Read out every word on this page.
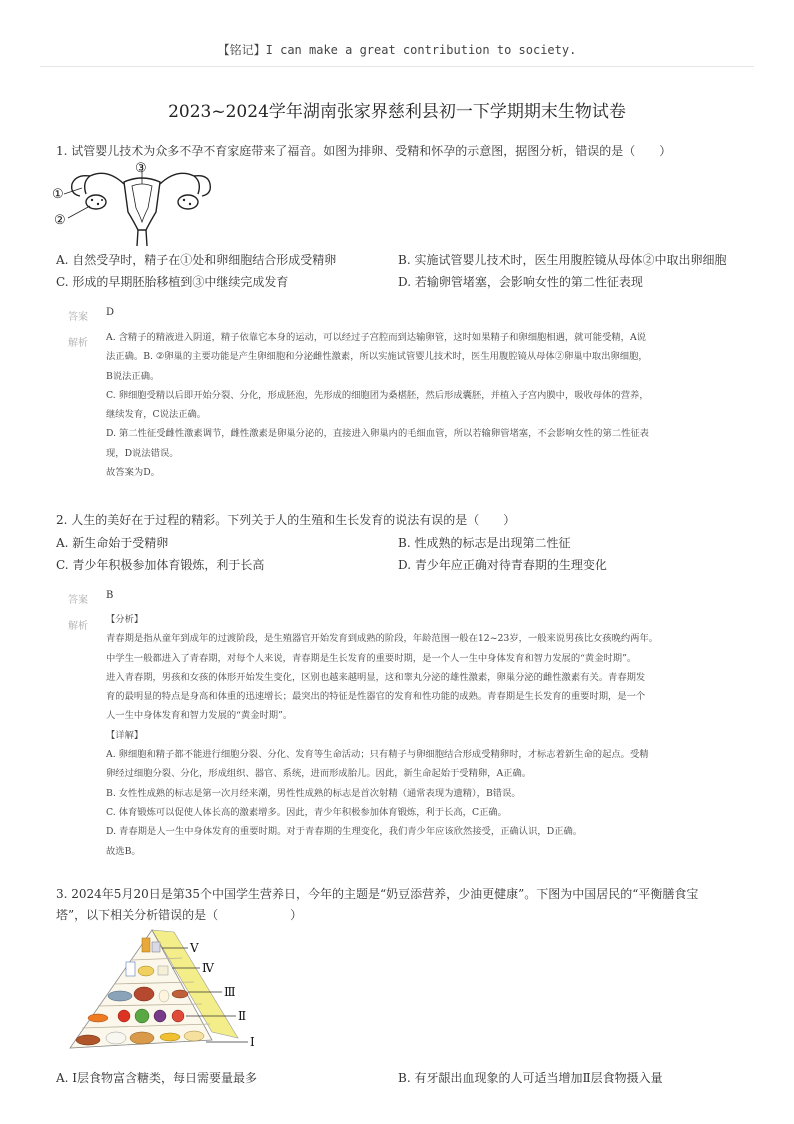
【铭记】I can make a great contribution to society.
2023~2024学年湖南张家界慈利县初一下学期期末生物试卷
1. 试管婴儿技术为众多不孕不育家庭带来了福音。如图为排卵、受精和怀孕的示意图，据图分析，错误的是（　　）
①
②
③
A. 自然受孕时，精子在①处和卵细胞结合形成受精卵	B. 实施试管婴儿技术时，医生用腹腔镜从母体②中取出卵细胞
C. 形成的早期胚胎移植到③中继续完成发育	D. 若输卵管堵塞，会影响女性的第二性征表现
答案 D
解析
A. 含精子的精液进入阴道，精子依靠它本身的运动，可以经过子宫腔而到达输卵管，这时如果精子和卵细胞相遇，就可能受精，A说
法正确。B. ②卵巢的主要功能是产生卵细胞和分泌雌性激素，所以实施试管婴儿技术时，医生用腹腔镜从母体②卵巢中取出卵细胞，
B说法正确。
C. 卵细胞受精以后即开始分裂、分化，形成胚泡，先形成的细胞团为桑椹胚，然后形成囊胚，并植入子宫内膜中，吸收母体的营养，
继续发育，C说法正确。
D. 第二性征受雌性激素调节，雌性激素是卵巢分泌的，直接进入卵巢内的毛细血管，所以若输卵管堵塞，不会影响女性的第二性征表
现，D说法错误。
故答案为D。
2. 人生的美好在于过程的精彩。下列关于人的生殖和生长发育的说法有误的是（　　）
A. 新生命始于受精卵	B. 性成熟的标志是出现第二性征
C. 青少年积极参加体育锻炼，利于长高	D. 青少年应正确对待青春期的生理变化
答案 B
解析
【分析】
青春期是指从童年到成年的过渡阶段，是生殖器官开始发育到成熟的阶段，年龄范围一般在12~23岁，一般来说男孩比女孩晚约两年。
中学生一般都进入了青春期，对每个人来说，青春期是生长发育的重要时期，是一个人一生中身体发育和智力发展的“黄金时期”。
进入青春期，男孩和女孩的体形开始发生变化，区别也越来越明显，这和睾丸分泌的雄性激素，卵巢分泌的雌性激素有关。青春期发
育的最明显的特点是身高和体重的迅速增长；最突出的特征是性器官的发育和性功能的成熟。青春期是生长发育的重要时期，是一个
人一生中身体发育和智力发展的“黄金时期”。
【详解】
A. 卵细胞和精子都不能进行细胞分裂、分化、发育等生命活动；只有精子与卵细胞结合形成受精卵时，才标志着新生命的起点。受精
卵经过细胞分裂、分化，形成组织、器官、系统，进而形成胎儿。因此，新生命起始于受精卵，A正确。
B. 女性性成熟的标志是第一次月经来潮，男性性成熟的标志是首次射精（通常表现为遗精），B错误。
C. 体育锻炼可以促使人体长高的激素增多。因此，青少年积极参加体育锻炼，利于长高，C正确。
D. 青春期是人一生中身体发育的重要时期。对于青春期的生理变化，我们青少年应该欣然接受，正确认识，D正确。
故选B。
3. 2024年5月20日是第35个中国学生营养日，今年的主题是“奶豆添营养，少油更健康”。下图为中国居民的“平衡膳食宝
塔”，以下相关分析错误的是（　　　　　　）
V
Ⅳ
Ⅲ
Ⅱ
Ⅰ
A. Ⅰ层食物富含糖类，每日需要量最多	B. 有牙龈出血现象的人可适当增加Ⅱ层食物摄入量
